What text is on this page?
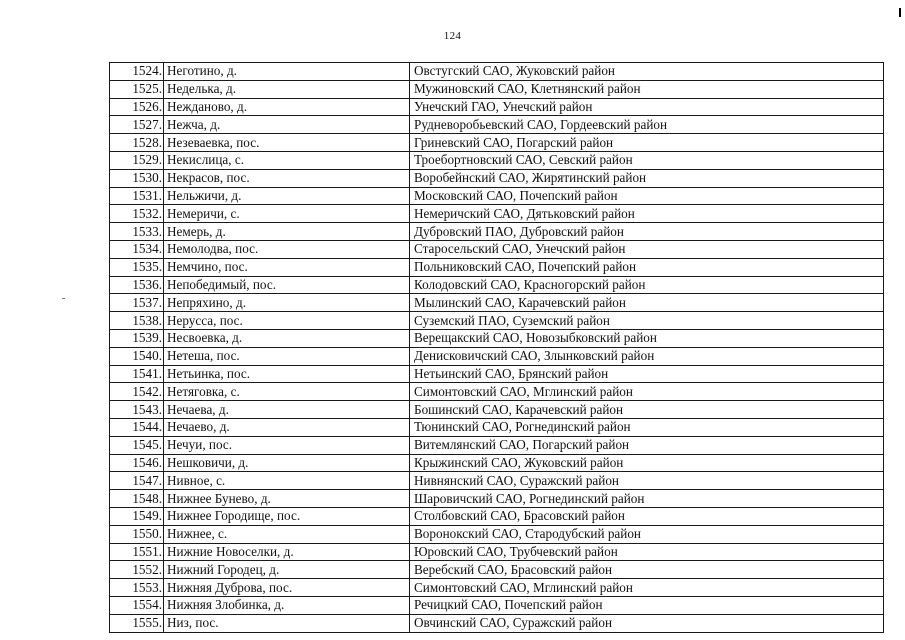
124
1524.	Неготино, д.	Овстугский САО, Жуковский район
1525.	Неделька, д.	Мужиновский САО, Клетнянский район
1526.	Нежданово, д.	Унечский ГАО, Унечский район
1527.	Нежча, д.	Рудневоробьевский САО, Гордеевский район
1528.	Незеваевка, пос.	Гриневский САО, Погарский район
1529.	Некислица, с.	Троебортновский САО, Севский район
1530.	Некрасов, пос.	Воробейнский САО, Жирятинский район
1531.	Нельжичи, д.	Московский САО, Почепский район
1532.	Немеричи, с.	Немеричский САО, Дятьковский район
1533.	Немерь, д.	Дубровский ПАО, Дубровский район
1534.	Немолодва, пос.	Старосельский САО, Унечский район
1535.	Немчино, пос.	Польниковский САО, Почепский район
1536.	Непобедимый, пос.	Колодовский САО, Красногорский район
1537.	Непряхино, д.	Мылинский САО, Карачевский район
1538.	Нерусса, пос.	Суземский ПАО, Суземский район
1539.	Несвоевка, д.	Верещакский САО, Новозыбковский район
1540.	Нетеша, пос.	Денисковичский САО, Злынковский район
1541.	Нетьинка, пос.	Нетьинский САО, Брянский район
1542.	Нетяговка, с.	Симонтовский САО, Мглинский район
1543.	Нечаева, д.	Бошинский САО, Карачевский район
1544.	Нечаево, д.	Тюнинский САО, Рогнединский район
1545.	Нечуи, пос.	Витемлянский САО, Погарский район
1546.	Нешковичи, д.	Крыжинский САО, Жуковский район
1547.	Нивное, с.	Нивнянский САО, Суражский район
1548.	Нижнее Бунево, д.	Шаровичский САО, Рогнединский район
1549.	Нижнее Городище, пос.	Столбовский САО, Брасовский район
1550.	Нижнее, с.	Воронокский САО, Стародубский район
1551.	Нижние Новоселки, д.	Юровский САО, Трубчевский район
1552.	Нижний Городец, д.	Веребский САО, Брасовский район
1553.	Нижняя Дуброва, пос.	Симонтовский САО, Мглинский район
1554.	Нижняя Злобинка, д.	Речицкий САО, Почепский район
1555.	Низ, пос.	Овчинский САО, Суражский район
